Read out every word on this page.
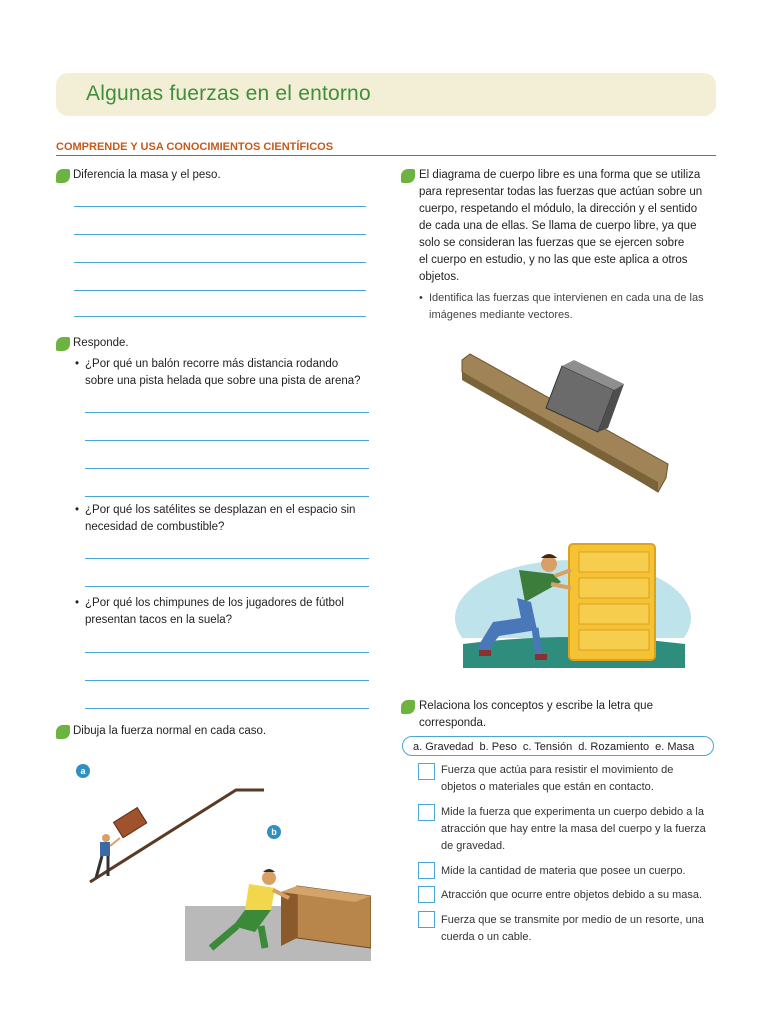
Algunas fuerzas en el entorno
COMPRENDE Y USA CONOCIMIENTOS CIENTÍFICOS
Diferencia la masa y el peso.
Responde.
• ¿Por qué un balón recorre más distancia rodando sobre una pista helada que sobre una pista de arena?
• ¿Por qué los satélites se desplazan en el espacio sin necesidad de combustible?
• ¿Por qué los chimpunes de los jugadores de fútbol presentan tacos en la suela?
Dibuja la fuerza normal en cada caso.
a
b
El diagrama de cuerpo libre es una forma que se utiliza
para representar todas las fuerzas que actúan sobre un
cuerpo, respetando el módulo, la dirección y el sentido
de cada una de ellas. Se llama de cuerpo libre, ya que
solo se consideran las fuerzas que se ejercen sobre
el cuerpo en estudio, y no las que este aplica a otros
objetos.
• Identifica las fuerzas que intervienen en cada una de las
imágenes mediante vectores.
Relaciona los conceptos y escribe la letra que
corresponda.
a. Gravedad b. Peso c. Tensión d. Rozamiento e. Masa
Fuerza que actúa para resistir el movimiento de
objetos o materiales que están en contacto.
Mide la fuerza que experimenta un cuerpo debido a la
atracción que hay entre la masa del cuerpo y la fuerza
de gravedad.
Mide la cantidad de materia que posee un cuerpo.
Atracción que ocurre entre objetos debido a su masa.
Fuerza que se transmite por medio de un resorte, una
cuerda o un cable.
